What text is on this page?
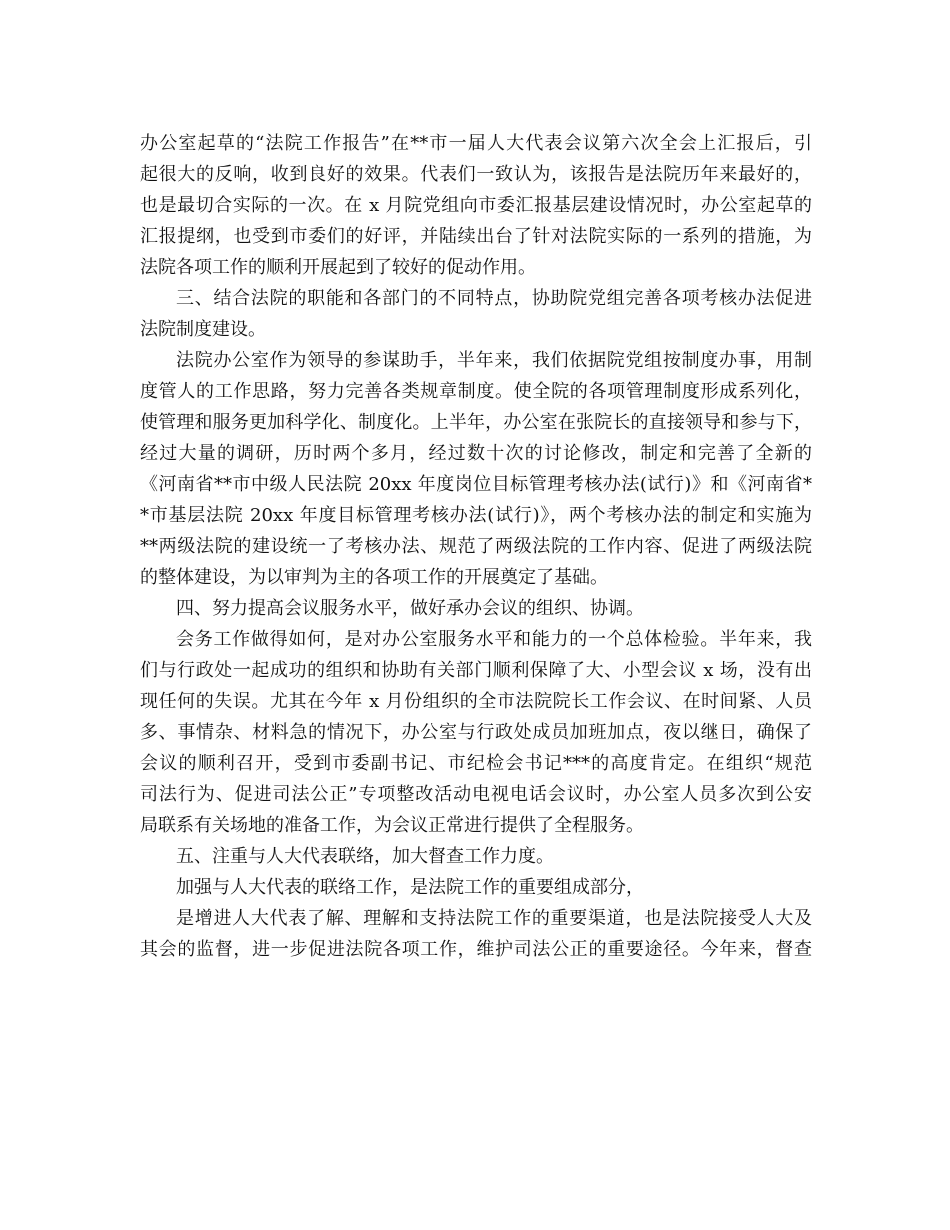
办公室起草的“法院工作报告”在**市一届人大代表会议第六次全会上汇报后，引
起很大的反响，收到良好的效果。代表们一致认为，该报告是法院历年来最好的，
也是最切合实际的一次。在 x 月院党组向市委汇报基层建设情况时，办公室起草的
汇报提纲，也受到市委们的好评，并陆续出台了针对法院实际的一系列的措施，为
法院各项工作的顺利开展起到了较好的促动作用。
三、结合法院的职能和各部门的不同特点，协助院党组完善各项考核办法促进
法院制度建设。
法院办公室作为领导的参谋助手，半年来，我们依据院党组按制度办事，用制
度管人的工作思路，努力完善各类规章制度。使全院的各项管理制度形成系列化，
使管理和服务更加科学化、制度化。上半年，办公室在张院长的直接领导和参与下，
经过大量的调研，历时两个多月，经过数十次的讨论修改，制定和完善了全新的
《河南省**市中级人民法院 20xx 年度岗位目标管理考核办法(试行)》和《河南省*
*市基层法院 20xx 年度目标管理考核办法(试行)》，两个考核办法的制定和实施为
**两级法院的建设统一了考核办法、规范了两级法院的工作内容、促进了两级法院
的整体建设，为以审判为主的各项工作的开展奠定了基础。
四、努力提高会议服务水平，做好承办会议的组织、协调。
会务工作做得如何，是对办公室服务水平和能力的一个总体检验。半年来，我
们与行政处一起成功的组织和协助有关部门顺利保障了大、小型会议 x 场，没有出
现任何的失误。尤其在今年 x 月份组织的全市法院院长工作会议、在时间紧、人员
多、事情杂、材料急的情况下，办公室与行政处成员加班加点，夜以继日，确保了
会议的顺利召开，受到市委副书记、市纪检会书记***的高度肯定。在组织“规范
司法行为、促进司法公正”专项整改活动电视电话会议时，办公室人员多次到公安
局联系有关场地的准备工作，为会议正常进行提供了全程服务。
五、注重与人大代表联络，加大督查工作力度。
加强与人大代表的联络工作，是法院工作的重要组成部分，
是增进人大代表了解、理解和支持法院工作的重要渠道，也是法院接受人大及
其会的监督，进一步促进法院各项工作，维护司法公正的重要途径。今年来，督查
